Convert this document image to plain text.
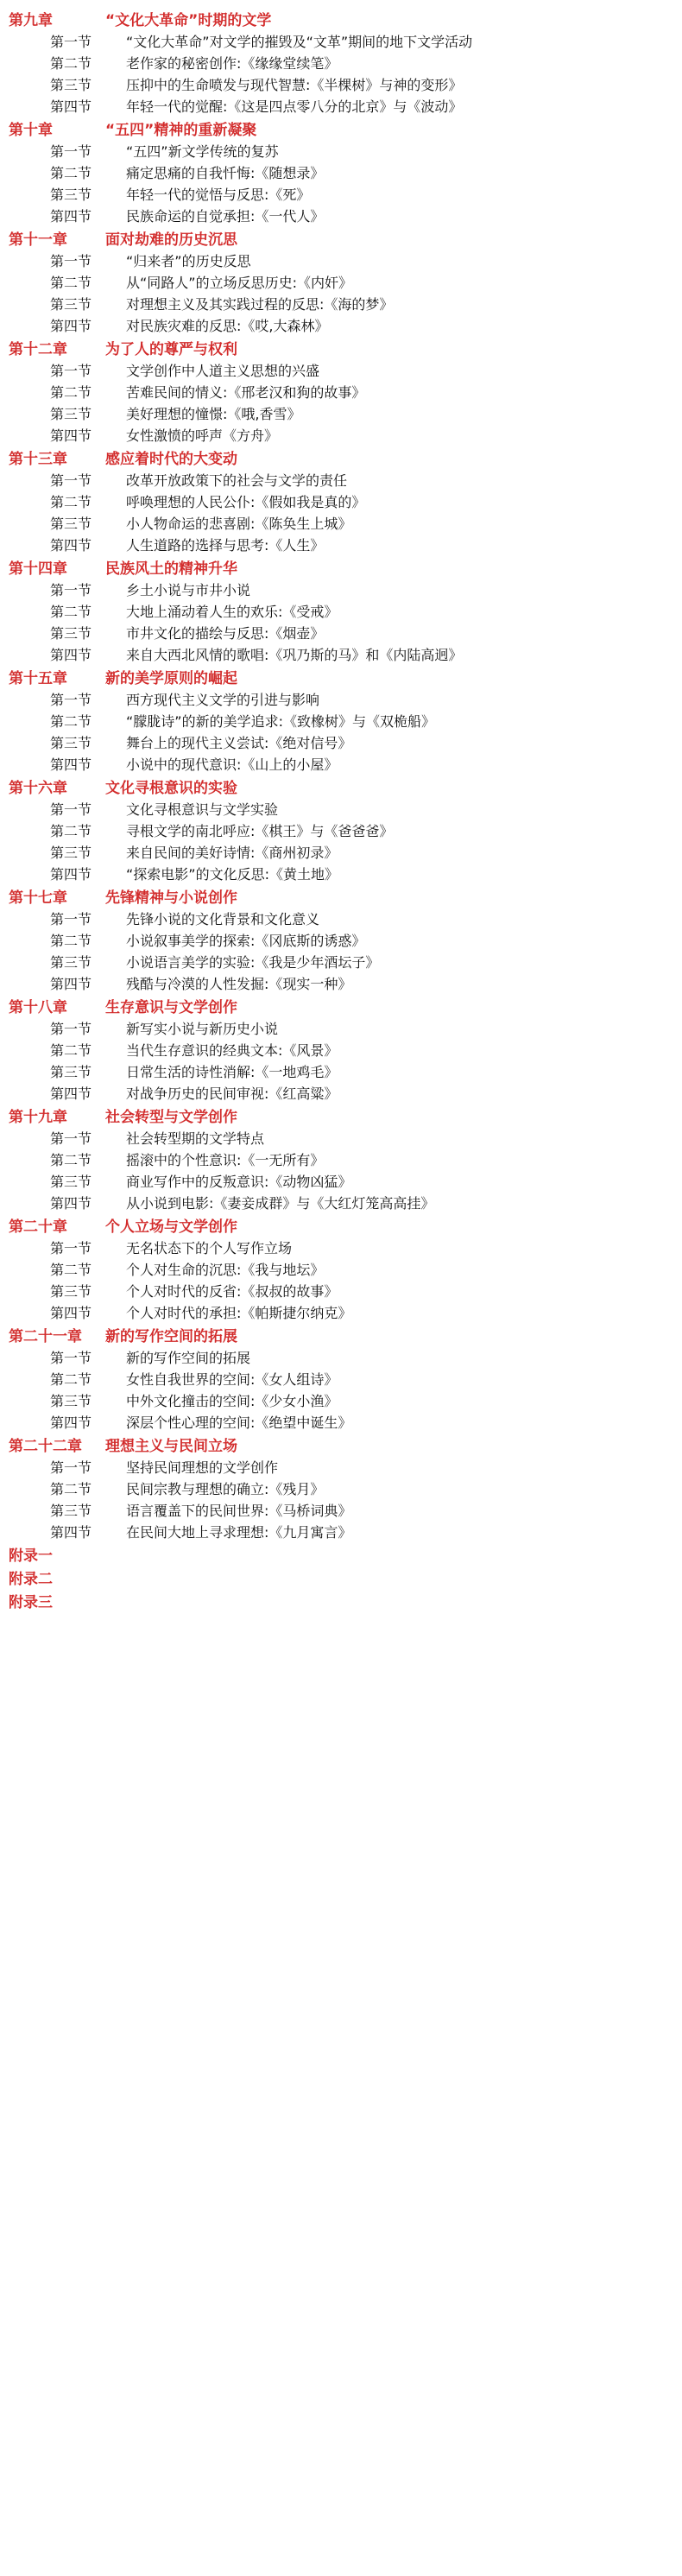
第九章	“文化大革命”时期的文学
第一节	“文化大革命”对文学的摧毁及“文革”期间的地下文学活动
第二节	老作家的秘密创作:《缘缘堂续笔》
第三节	压抑中的生命喷发与现代智慧:《半棵树》与神的变形》
第四节	年轻一代的觉醒:《这是四点零八分的北京》与《波动》
第十章	“五四”精神的重新凝聚
第一节	“五四”新文学传统的复苏
第二节	痛定思痛的自我忏悔:《随想录》
第三节	年轻一代的觉悟与反思:《死》
第四节	民族命运的自觉承担:《一代人》
第十一章	面对劫难的历史沉思
第一节	“归来者”的历史反思
第二节	从“同路人”的立场反思历史:《内奸》
第三节	对理想主义及其实践过程的反思:《海的梦》
第四节	对民族灾难的反思:《哎,大森林》
第十二章	为了人的尊严与权利
第一节	文学创作中人道主义思想的兴盛
第二节	苦难民间的情义:《邢老汉和狗的故事》
第三节	美好理想的憧憬:《哦,香雪》
第四节	女性激愤的呼声《方舟》
第十三章	感应着时代的大变动
第一节	改革开放政策下的社会与文学的责任
第二节	呼唤理想的人民公仆:《假如我是真的》
第三节	小人物命运的悲喜剧:《陈奂生上城》
第四节	人生道路的选择与思考:《人生》
第十四章	民族风土的精神升华
第一节	乡土小说与市井小说
第二节	大地上涌动着人生的欢乐:《受戒》
第三节	市井文化的描绘与反思:《烟壶》
第四节	来自大西北风情的歌唱:《巩乃斯的马》和《内陆高迥》
第十五章	新的美学原则的崛起
第一节	西方现代主义文学的引进与影响
第二节	“朦胧诗”的新的美学追求:《致橡树》与《双桅船》
第三节	舞台上的现代主义尝试:《绝对信号》
第四节	小说中的现代意识:《山上的小屋》
第十六章	文化寻根意识的实验
第一节	文化寻根意识与文学实验
第二节	寻根文学的南北呼应:《棋王》与《爸爸爸》
第三节	来自民间的美好诗情:《商州初录》
第四节	“探索电影”的文化反思:《黄土地》
第十七章	先锋精神与小说创作
第一节	先锋小说的文化背景和文化意义
第二节	小说叙事美学的探索:《冈底斯的诱惑》
第三节	小说语言美学的实验:《我是少年酒坛子》
第四节	残酷与冷漠的人性发掘:《现实一种》
第十八章	生存意识与文学创作
第一节	新写实小说与新历史小说
第二节	当代生存意识的经典文本:《风景》
第三节	日常生活的诗性消解:《一地鸡毛》
第四节	对战争历史的民间审视:《红高粱》
第十九章	社会转型与文学创作
第一节	社会转型期的文学特点
第二节	摇滚中的个性意识:《一无所有》
第三节	商业写作中的反叛意识:《动物凶猛》
第四节	从小说到电影:《妻妾成群》与《大红灯笼高高挂》
第二十章	个人立场与文学创作
第一节	无名状态下的个人写作立场
第二节	个人对生命的沉思:《我与地坛》
第三节	个人对时代的反省:《叔叔的故事》
第四节	个人对时代的承担:《帕斯捷尔纳克》
第二十一章	新的写作空间的拓展
第一节	新的写作空间的拓展
第二节	女性自我世界的空间:《女人组诗》
第三节	中外文化撞击的空间:《少女小渔》
第四节	深层个性心理的空间:《绝望中诞生》
第二十二章	理想主义与民间立场
第一节	坚持民间理想的文学创作
第二节	民间宗教与理想的确立:《残月》
第三节	语言覆盖下的民间世界:《马桥词典》
第四节	在民间大地上寻求理想:《九月寓言》
附录一
附录二
附录三
